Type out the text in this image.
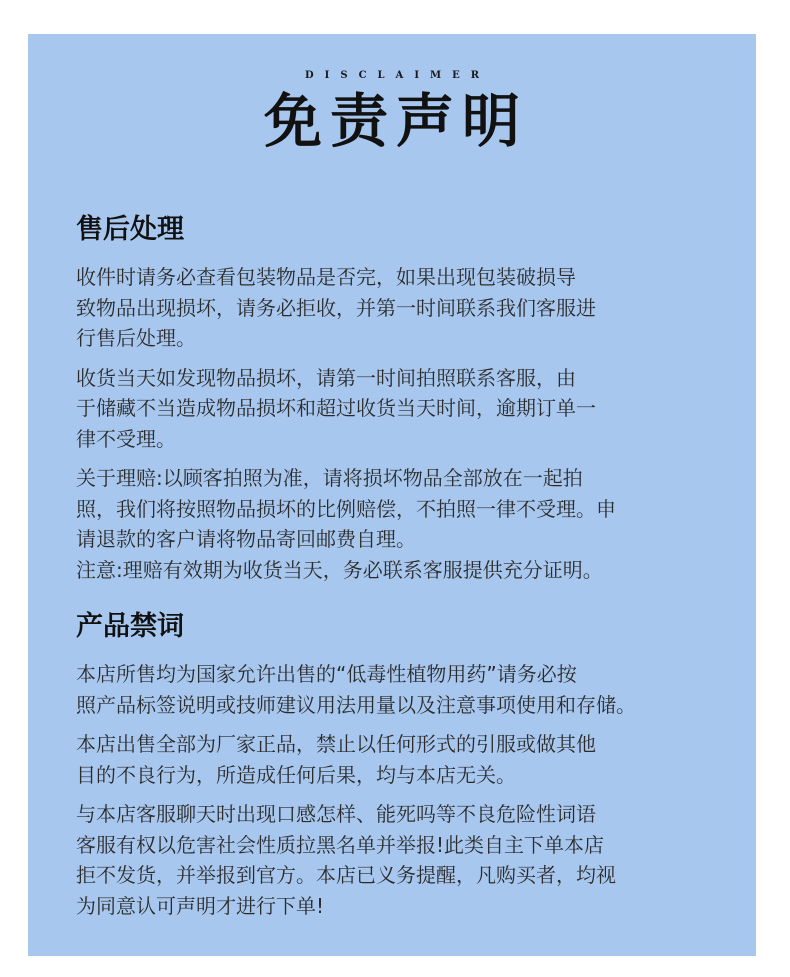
DISCLAIMER
免责声明
售后处理
收件时请务必查看包装物品是否完，如果出现包装破损导
致物品出现损坏，请务必拒收，并第一时间联系我们客服进
行售后处理。
收货当天如发现物品损坏，请第一时间拍照联系客服，由
于储藏不当造成物品损坏和超过收货当天时间，逾期订单一
律不受理。
关于理赔:以顾客拍照为准，请将损坏物品全部放在一起拍
照，我们将按照物品损坏的比例赔偿，不拍照一律不受理。申
请退款的客户请将物品寄回邮费自理。
注意:理赔有效期为收货当天，务必联系客服提供充分证明。
产品禁词
本店所售均为国家允许出售的“低毒性植物用药”请务必按
照产品标签说明或技师建议用法用量以及注意事项使用和存储。
本店出售全部为厂家正品，禁止以任何形式的引服或做其他
目的不良行为，所造成任何后果，均与本店无关。
与本店客服聊天时出现口感怎样、能死吗等不良危险性词语
客服有权以危害社会性质拉黑名单并举报!此类自主下单本店
拒不发货，并举报到官方。本店已义务提醒，凡购买者，均视
为同意认可声明才进行下单!
